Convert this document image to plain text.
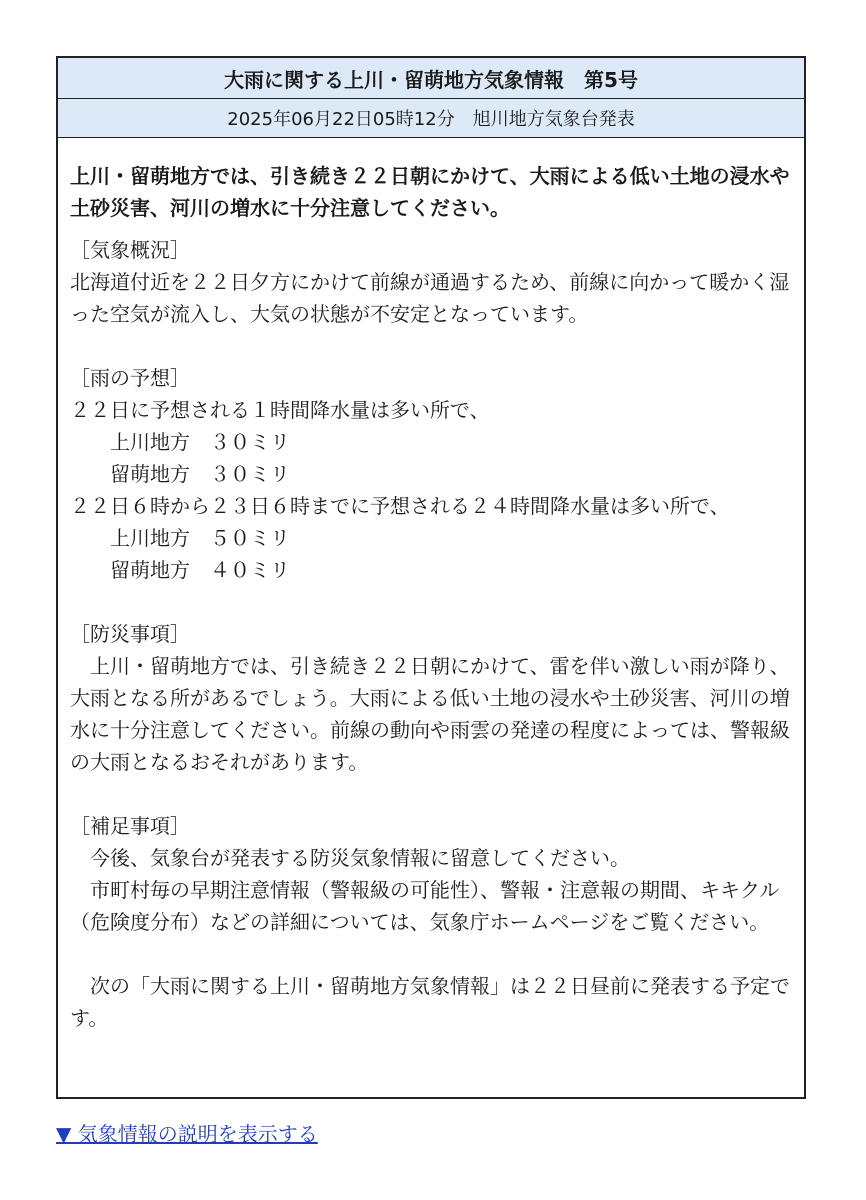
大雨に関する上川・留萌地方気象情報　第5号
2025年06月22日05時12分　旭川地方気象台発表

上川・留萌地方では、引き続き２２日朝にかけて、大雨による低い土地の浸水や土砂災害、河川の増水に十分注意してください。

［気象概況］

北海道付近を２２日夕方にかけて前線が通過するため、前線に向かって暖かく湿った空気が流入し、大気の状態が不安定となっています。

［雨の予想］

２２日に予想される１時間降水量は多い所で、

上川地方　３０ミリ

留萌地方　３０ミリ

２２日６時から２３日６時までに予想される２４時間降水量は多い所で、

上川地方　５０ミリ

留萌地方　４０ミリ

［防災事項］

上川・留萌地方では、引き続き２２日朝にかけて、雷を伴い激しい雨が降り、大雨となる所があるでしょう。大雨による低い土地の浸水や土砂災害、河川の増水に十分注意してください。前線の動向や雨雲の発達の程度によっては、警報級の大雨となるおそれがあります。

［補足事項］

今後、気象台が発表する防災気象情報に留意してください。

市町村毎の早期注意情報（警報級の可能性）、警報・注意報の期間、キキクル（危険度分布）などの詳細については、気象庁ホームページをご覧ください。

次の「大雨に関する上川・留萌地方気象情報」は２２日昼前に発表する予定です。

▼ 気象情報の説明を表示する
